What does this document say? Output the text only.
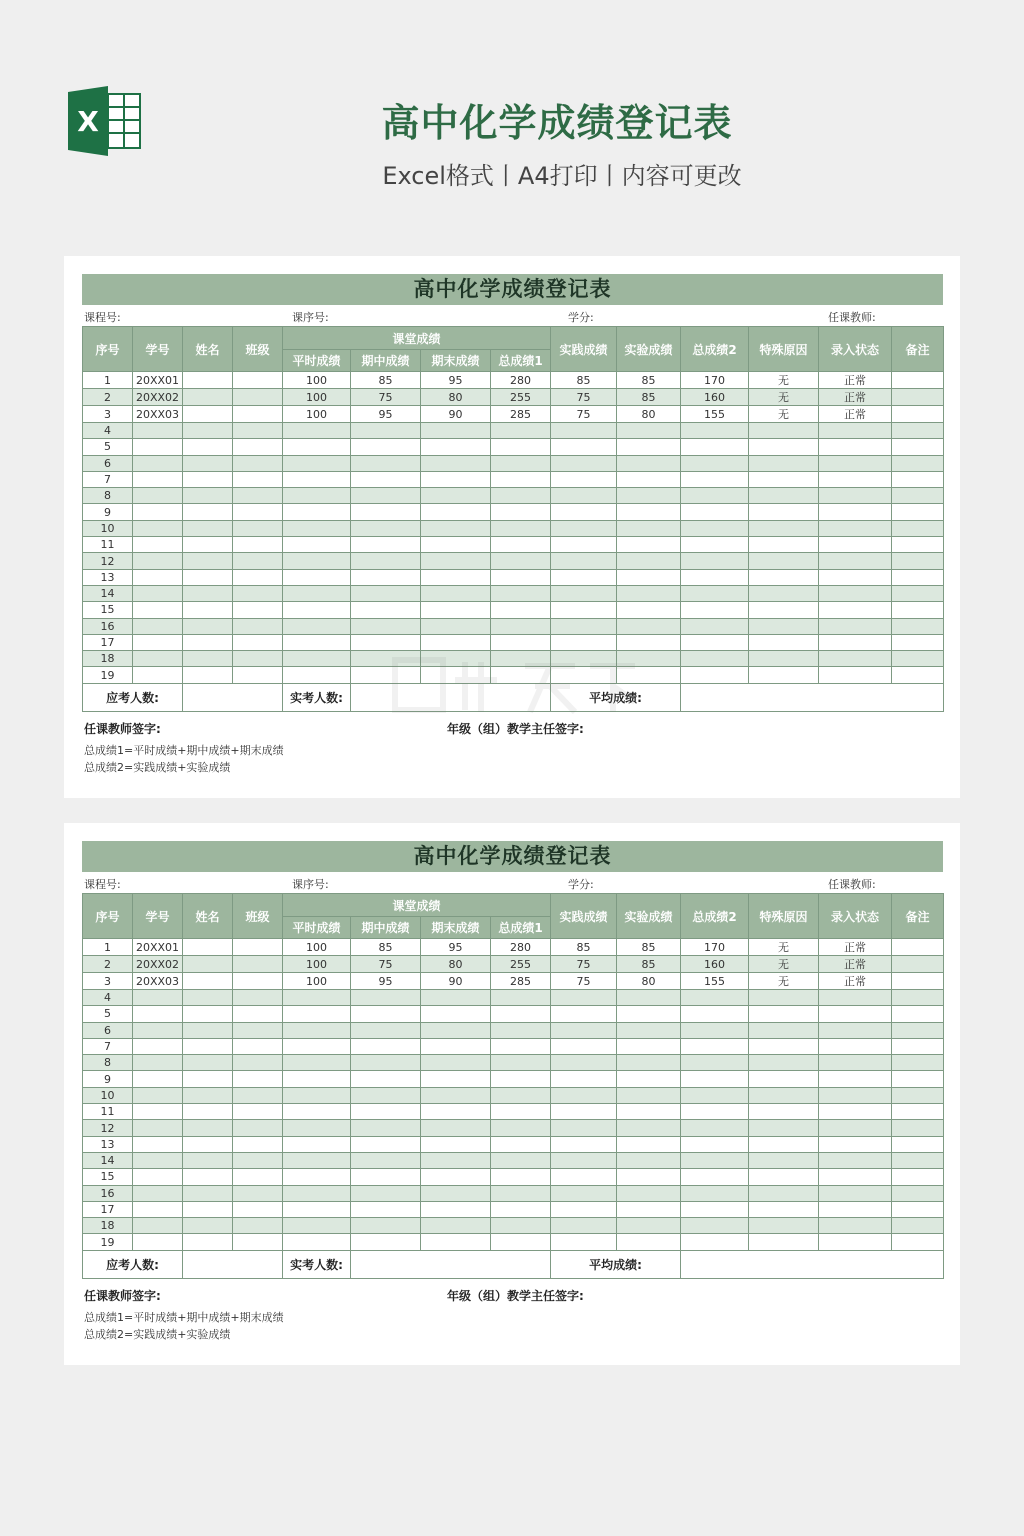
X	高中化学成绩登记表
Excel格式丨A4打印丨内容可更改
高中化学成绩登记表
课程号:	课序号:	学分:	任课教师:
序号	学号	姓名	班级	课堂成绩				实践成绩	实验成绩	总成绩2	特殊原因	录入状态	备注
				平时成绩	期中成绩	期末成绩	总成绩1						
1	20XX01			100	85	95	280	85	85	170	无	正常	
2	20XX02			100	75	80	255	75	85	160	无	正常	
3	20XX03			100	95	90	285	75	80	155	无	正常	
4													
5													
6													
7													
8													
9													
10													
11													
12													
13													
14													
15													
16													
17													
18													
19													
应考人数:				实考人数:				平均成绩:					
任课教师签字:	年级（组）教学主任签字:
总成绩1=平时成绩+期中成绩+期末成绩
总成绩2=实践成绩+实验成绩
高中化学成绩登记表
课程号:	课序号:	学分:	任课教师:
序号	学号	姓名	班级	课堂成绩				实践成绩	实验成绩	总成绩2	特殊原因	录入状态	备注
				平时成绩	期中成绩	期末成绩	总成绩1						
1	20XX01			100	85	95	280	85	85	170	无	正常	
2	20XX02			100	75	80	255	75	85	160	无	正常	
3	20XX03			100	95	90	285	75	80	155	无	正常	
4													
5													
6													
7													
8													
9													
10													
11													
12													
13													
14													
15													
16													
17													
18													
19													
应考人数:				实考人数:				平均成绩:					
任课教师签字:	年级（组）教学主任签字:
总成绩1=平时成绩+期中成绩+期末成绩
总成绩2=实践成绩+实验成绩
